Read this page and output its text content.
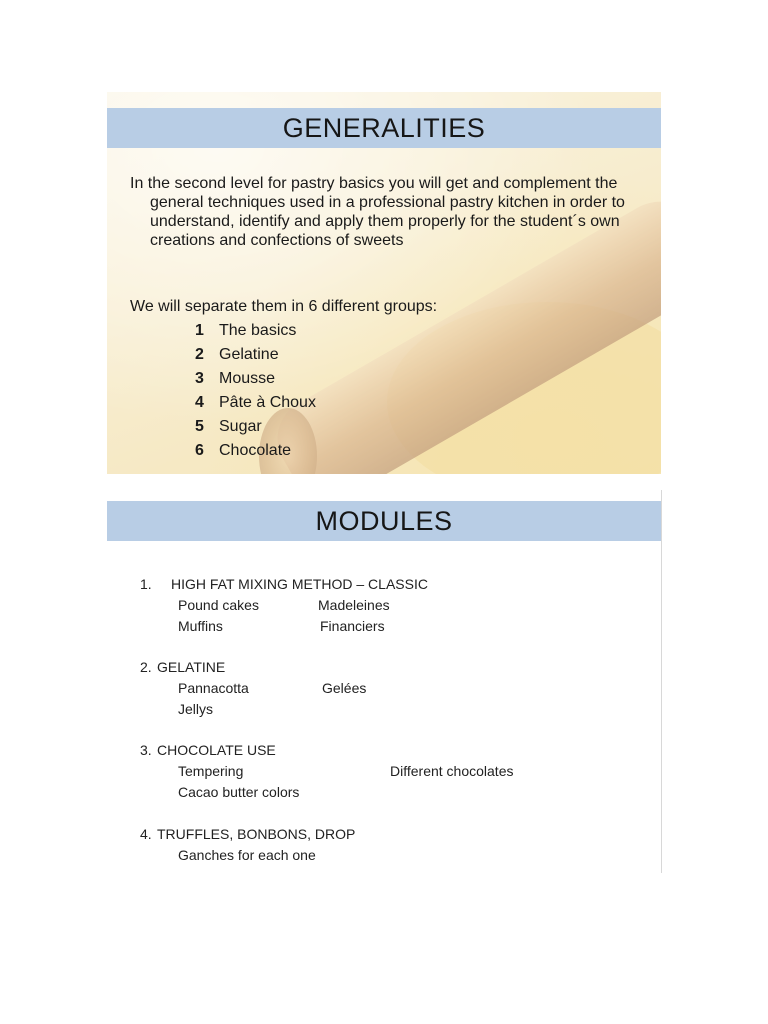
GENERALITIES

In the second level for pastry basics you will get and complement the general techniques used in a professional pastry kitchen in order to understand, identify and apply them properly for the student´s own creations and confections of sweets

We will separate them in 6 different groups:

1 The basics
2 Gelatine
3 Mousse
4 Pâte à Choux
5 Sugar
6 Chocolate
MODULES

1. HIGH FAT MIXING METHOD – CLASSIC

Pound cakes	Madeleines
Muffins	Financiers

2. GELATINE

Pannacotta	Gelées
Jellys

3. CHOCOLATE USE

Tempering	Different chocolates
Cacao butter colors

4. TRUFFLES, BONBONS, DROP

Ganches for each one
